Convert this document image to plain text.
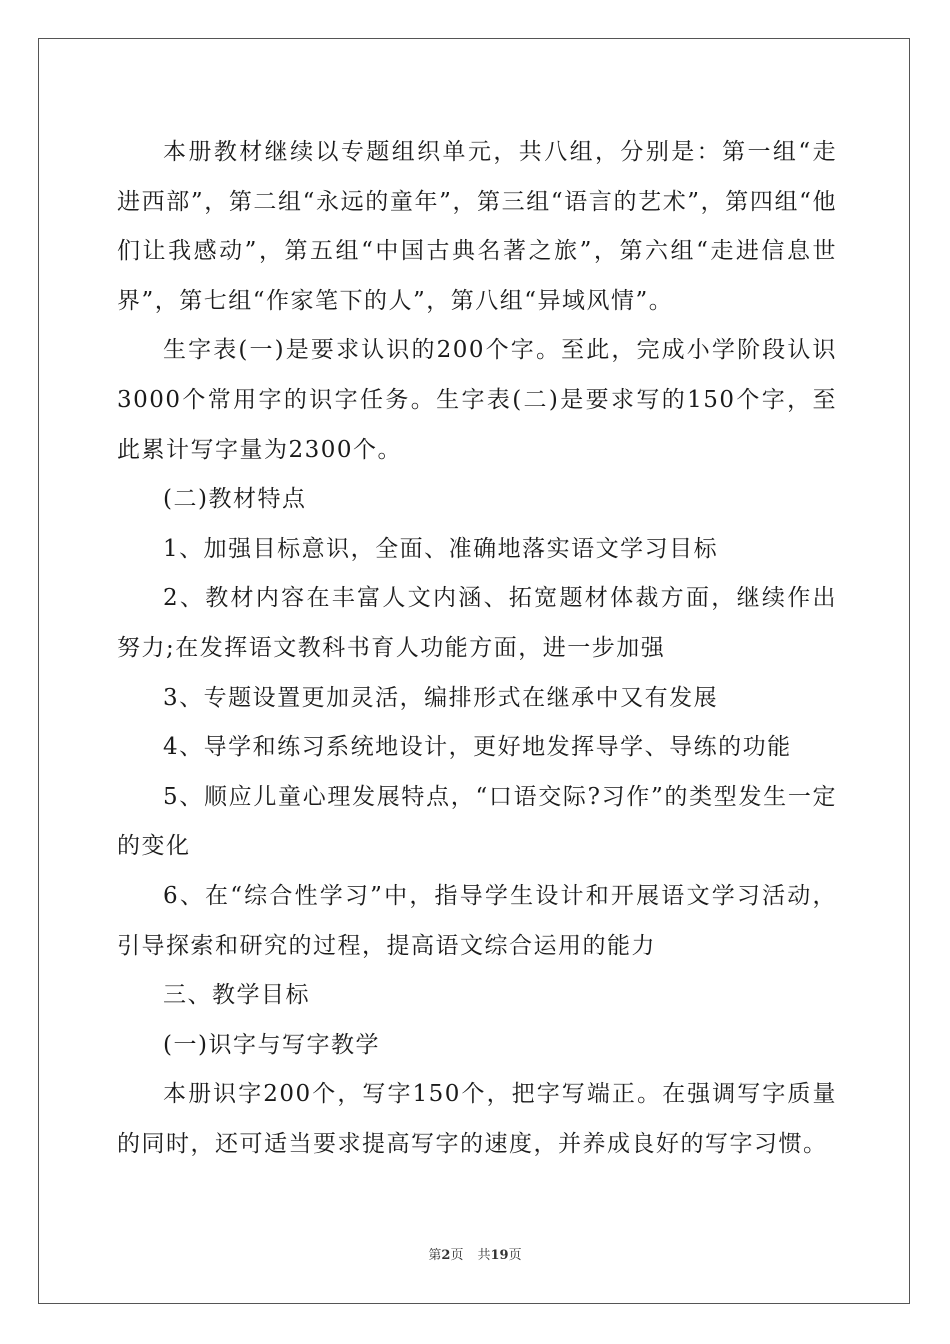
本册教材继续以专题组织单元，共八组，分别是：第一组“走进西部”，第二组“永远的童年”，第三组“语言的艺术”，第四组“他们让我感动”，第五组“中国古典名著之旅”，第六组“走进信息世界”，第七组“作家笔下的人”，第八组“异域风情”。

生字表(一)是要求认识的200个字。至此，完成小学阶段认识3000个常用字的识字任务。生字表(二)是要求写的150个字，至此累计写字量为2300个。

(二)教材特点

1、加强目标意识，全面、准确地落实语文学习目标

2、教材内容在丰富人文内涵、拓宽题材体裁方面，继续作出努力;在发挥语文教科书育人功能方面，进一步加强

3、专题设置更加灵活，编排形式在继承中又有发展

4、导学和练习系统地设计，更好地发挥导学、导练的功能

5、顺应儿童心理发展特点，“口语交际?习作”的类型发生一定的变化

6、在“综合性学习”中，指导学生设计和开展语文学习活动，引导探索和研究的过程，提高语文综合运用的能力

三、教学目标

(一)识字与写字教学

本册识字200个，写字150个，把字写端正。在强调写字质量的同时，还可适当要求提高写字的速度，并养成良好的写字习惯。

第2页 共19页
